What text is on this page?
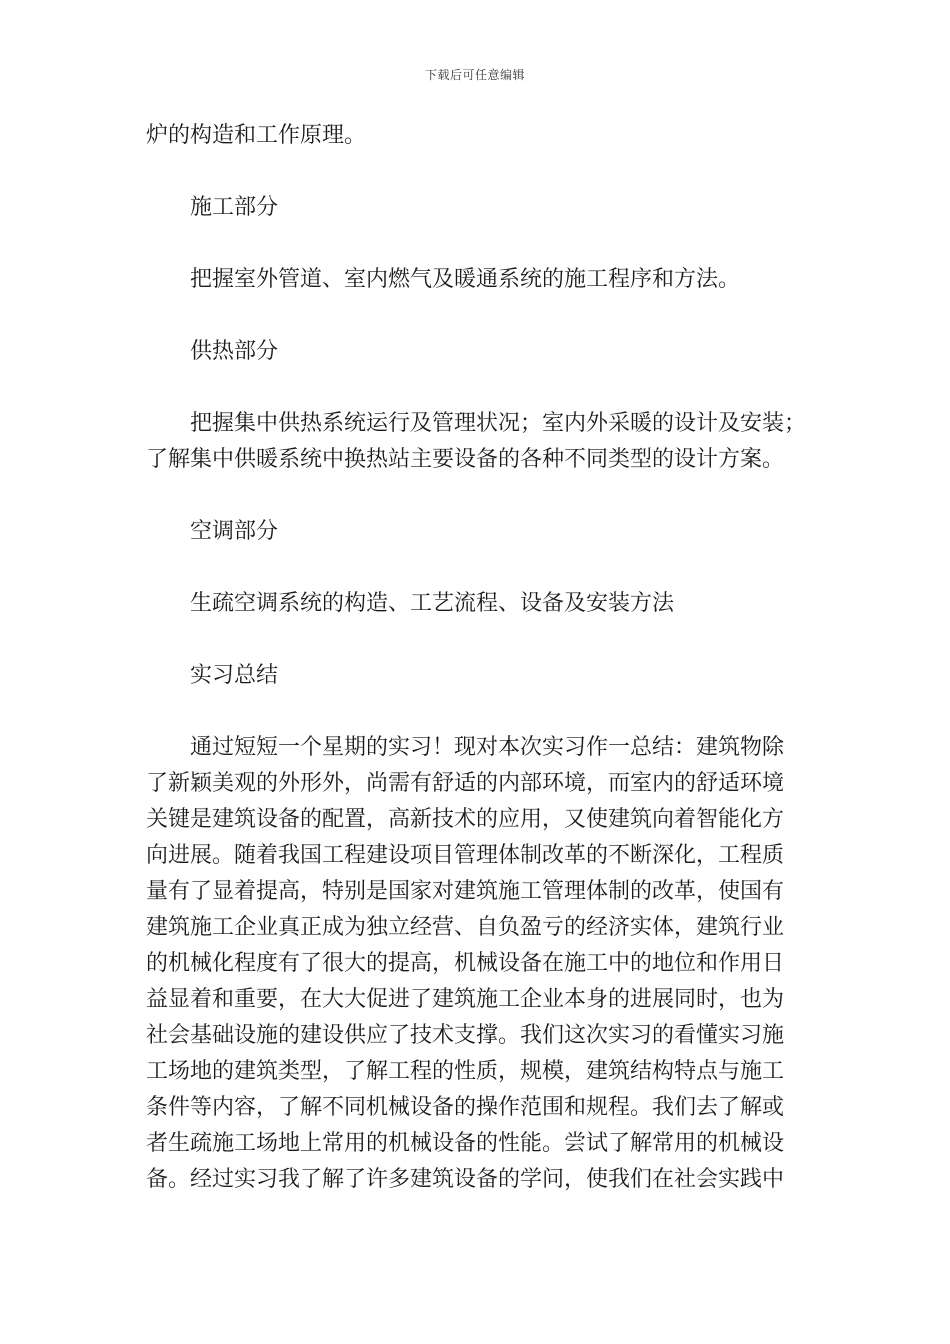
下载后可任意编辑

炉的构造和工作原理。

施工部分

把握室外管道、室内燃气及暖通系统的施工程序和方法。

供热部分

把握集中供热系统运行及管理状况；室内外采暖的设计及安装；

了解集中供暖系统中换热站主要设备的各种不同类型的设计方案。

空调部分

生疏空调系统的构造、工艺流程、设备及安装方法

实习总结

通过短短一个星期的实习！现对本次实习作一总结：建筑物除

了新颖美观的外形外，尚需有舒适的内部环境，而室内的舒适环境

关键是建筑设备的配置，高新技术的应用，又使建筑向着智能化方

向进展。随着我国工程建设项目管理体制改革的不断深化，工程质

量有了显着提高，特别是国家对建筑施工管理体制的改革，使国有

建筑施工企业真正成为独立经营、自负盈亏的经济实体，建筑行业

的机械化程度有了很大的提高，机械设备在施工中的地位和作用日

益显着和重要，在大大促进了建筑施工企业本身的进展同时，也为

社会基础设施的建设供应了技术支撑。我们这次实习的看懂实习施

工场地的建筑类型，了解工程的性质，规模，建筑结构特点与施工

条件等内容，了解不同机械设备的操作范围和规程。我们去了解或

者生疏施工场地上常用的机械设备的性能。尝试了解常用的机械设

备。经过实习我了解了许多建筑设备的学问，使我们在社会实践中
